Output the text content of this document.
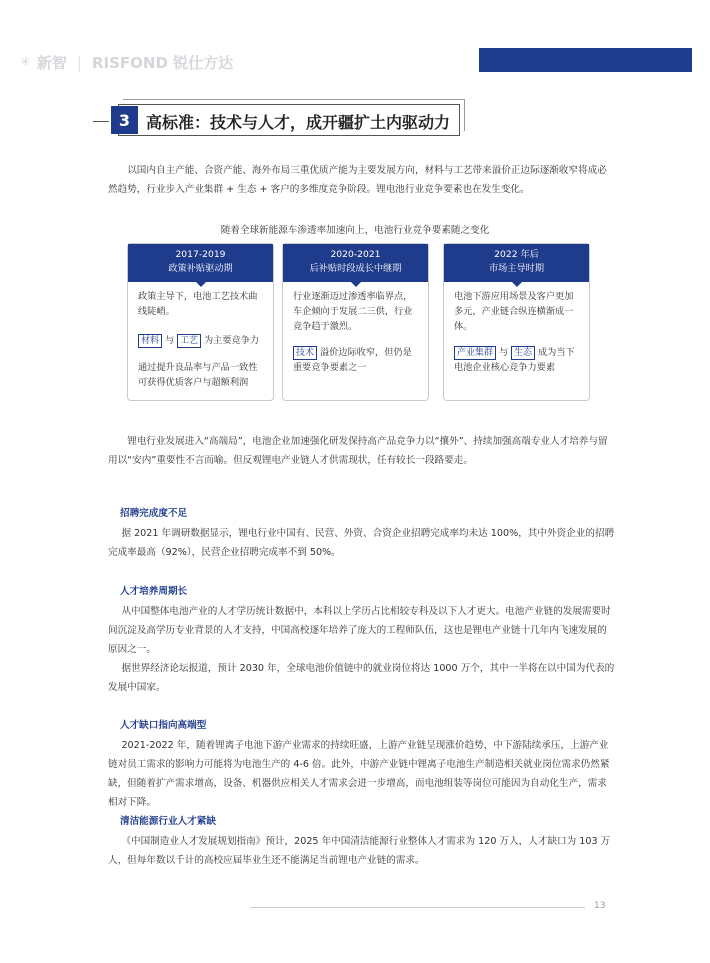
✳ 新智 | RISFOND 锐仕方达
3 高标准：技术与人才，成开疆扩土内驱动力
以国内自主产能、合资产能、海外布局三重优质产能为主要发展方向，材料与工艺带来溢价正边际逐渐收窄将成必然趋势，行业步入产业集群 + 生态 + 客户的多维度竞争阶段。锂电池行业竞争要素也在发生变化。
随着全球新能源车渗透率加速向上，电池行业竞争要素随之变化
2017-2019
政策补贴驱动期
政策主导下，电池工艺技术曲线陡峭。
材料 与 工艺 为主要竞争力
通过提升良品率与产品一致性可获得优质客户与超额利润
2020-2021
后补贴时段成长中继期
行业逐渐迈过渗透率临界点，车企倾向于发展二三供，行业竞争趋于激烈。
技术 溢价边际收窄，但仍是重要竞争要素之一
2022 年后
市场主导时期
电池下游应用场景及客户更加多元，产业链合纵连横渐成一体。
产业集群 与 生态 成为当下电池企业核心竞争力要素
锂电行业发展进入“高端局”，电池企业加速强化研发保持高产品竞争力以“攘外”、持续加强高端专业人才培养与留用以“安内”重要性不言而喻。但反观锂电产业链人才供需现状，任有较长一段路要走。
招聘完成度不足
据 2021 年调研数据显示，锂电行业中国有、民营、外资、合资企业招聘完成率均未达 100%，其中外资企业的招聘完成率最高（92%），民营企业招聘完成率不到 50%。
人才培养周期长
从中国整体电池产业的人才学历统计数据中，本科以上学历占比相较专科及以下人才更大。电池产业链的发展需要时间沉淀及高学历专业背景的人才支持，中国高校逐年培养了庞大的工程师队伍，这也是锂电产业链十几年内飞速发展的原因之一。
据世界经济论坛报道，预计 2030 年，全球电池价值链中的就业岗位将达 1000 万个，其中一半将在以中国为代表的发展中国家。
人才缺口指向高端型
2021-2022 年，随着锂离子电池下游产业需求的持续旺盛，上游产业链呈现涨价趋势，中下游陆续承压，上游产业链对员工需求的影响力可能将为电池生产的 4-6 倍。此外，中游产业链中锂离子电池生产制造相关就业岗位需求仍然紧缺，但随着扩产需求增高，设备、机器供应相关人才需求会进一步增高，而电池组装等岗位可能因为自动化生产，需求相对下降。
清洁能源行业人才紧缺
《中国制造业人才发展规划指南》预计，2025 年中国清洁能源行业整体人才需求为 120 万人，人才缺口为 103 万人，但每年数以千计的高校应届毕业生还不能满足当前锂电产业链的需求。
13
